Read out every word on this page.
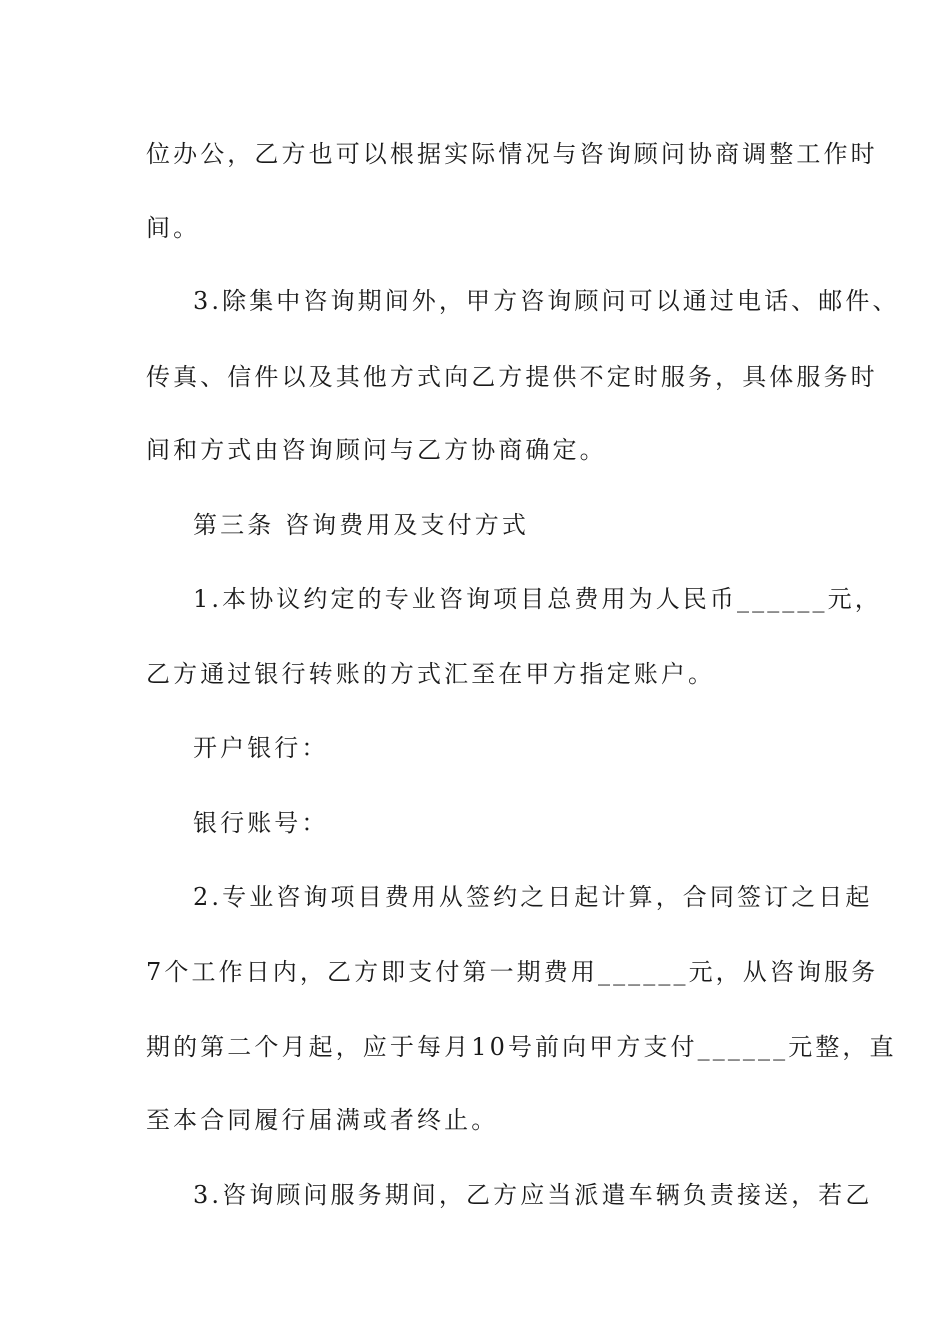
位办公，乙方也可以根据实际情况与咨询顾问协商调整工作时
间。
3.除集中咨询期间外，甲方咨询顾问可以通过电话、邮件、
传真、信件以及其他方式向乙方提供不定时服务，具体服务时
间和方式由咨询顾问与乙方协商确定。
第三条 咨询费用及支付方式
1.本协议约定的专业咨询项目总费用为人民币______元，
乙方通过银行转账的方式汇至在甲方指定账户。
开户银行：
银行账号：
2.专业咨询项目费用从签约之日起计算，合同签订之日起
7个工作日内，乙方即支付第一期费用______元，从咨询服务
期的第二个月起，应于每月10号前向甲方支付______元整，直
至本合同履行届满或者终止。
3.咨询顾问服务期间，乙方应当派遣车辆负责接送，若乙
